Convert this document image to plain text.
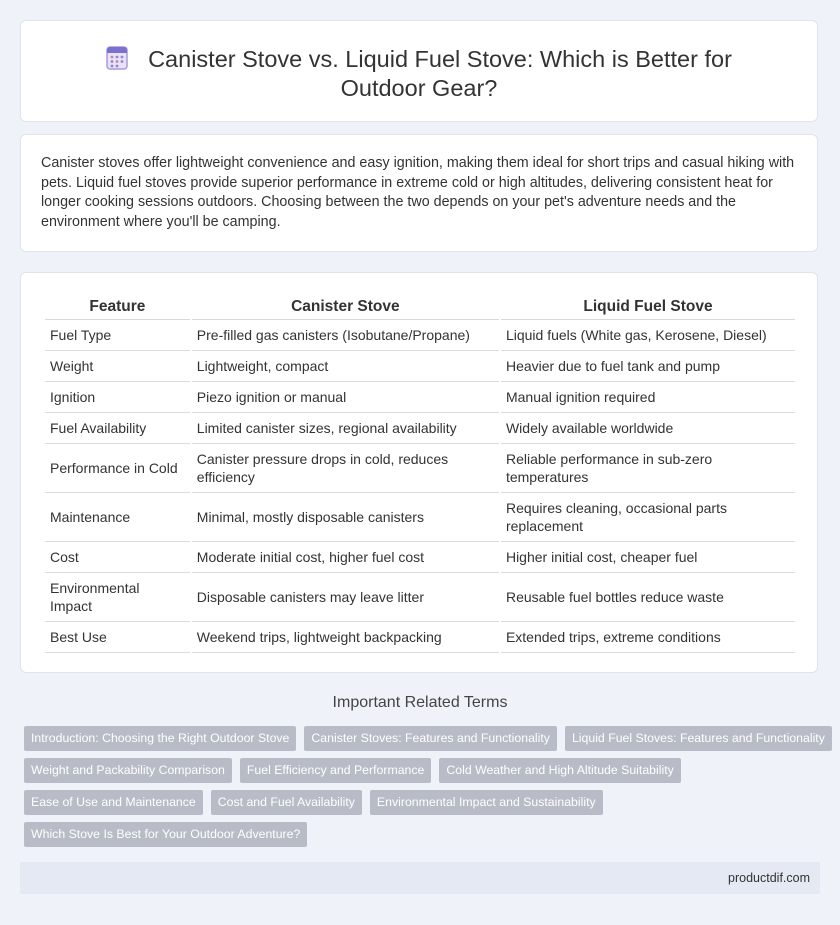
Canister Stove vs. Liquid Fuel Stove: Which is Better for Outdoor Gear?
Canister stoves offer lightweight convenience and easy ignition, making them ideal for short trips and casual hiking with pets. Liquid fuel stoves provide superior performance in extreme cold or high altitudes, delivering consistent heat for longer cooking sessions outdoors. Choosing between the two depends on your pet's adventure needs and the environment where you'll be camping.
Feature	Canister Stove	Liquid Fuel Stove
Fuel Type	Pre-filled gas canisters (Isobutane/Propane)	Liquid fuels (White gas, Kerosene, Diesel)
Weight	Lightweight, compact	Heavier due to fuel tank and pump
Ignition	Piezo ignition or manual	Manual ignition required
Fuel Availability	Limited canister sizes, regional availability	Widely available worldwide
Performance in Cold	Canister pressure drops in cold, reduces efficiency	Reliable performance in sub-zero temperatures
Maintenance	Minimal, mostly disposable canisters	Requires cleaning, occasional parts replacement
Cost	Moderate initial cost, higher fuel cost	Higher initial cost, cheaper fuel
Environmental Impact	Disposable canisters may leave litter	Reusable fuel bottles reduce waste
Best Use	Weekend trips, lightweight backpacking	Extended trips, extreme conditions
Important Related Terms
Introduction: Choosing the Right Outdoor Stove	Canister Stoves: Features and Functionality	Liquid Fuel Stoves: Features and Functionality
Weight and Packability Comparison	Fuel Efficiency and Performance	Cold Weather and High Altitude Suitability
Ease of Use and Maintenance	Cost and Fuel Availability	Environmental Impact and Sustainability
Which Stove Is Best for Your Outdoor Adventure?
productdif.com
